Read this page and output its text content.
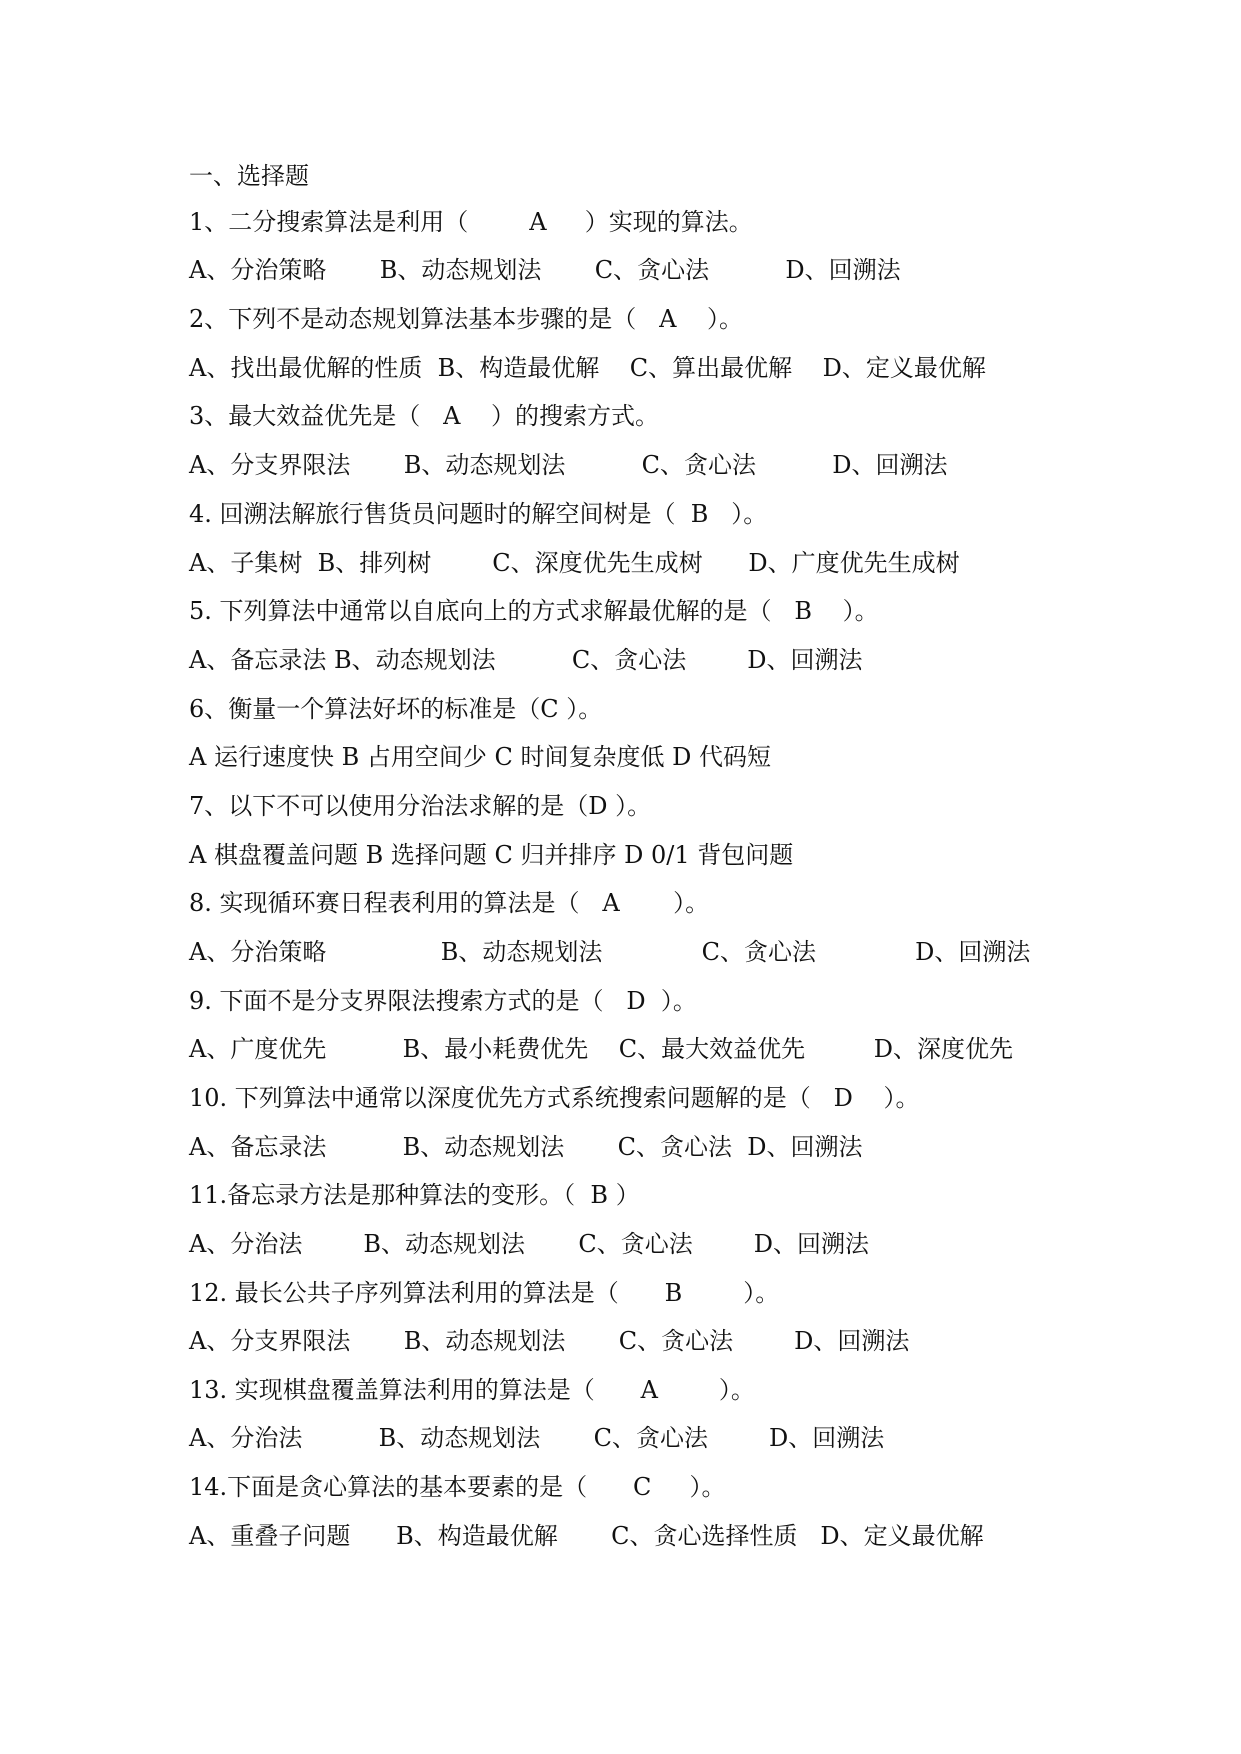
一、选择题
1、二分搜索算法是利用（        A     ）实现的算法。
A、分治策略       B、动态规划法       C、贪心法          D、回溯法
2、下列不是动态规划算法基本步骤的是（   A    ）。
A、找出最优解的性质  B、构造最优解    C、算出最优解    D、定义最优解
3、最大效益优先是（   A    ）的搜索方式。
A、分支界限法       B、动态规划法          C、贪心法          D、回溯法
4. 回溯法解旅行售货员问题时的解空间树是（  B   ）。
A、子集树  B、排列树        C、深度优先生成树      D、广度优先生成树
5. 下列算法中通常以自底向上的方式求解最优解的是（   B    ）。
A、备忘录法 B、动态规划法          C、贪心法        D、回溯法
6、衡量一个算法好坏的标准是（C ）。
A 运行速度快 B 占用空间少 C 时间复杂度低 D 代码短
7、以下不可以使用分治法求解的是（D ）。
A 棋盘覆盖问题 B 选择问题 C 归并排序 D 0/1 背包问题
8. 实现循环赛日程表利用的算法是（   A       ）。
A、分治策略               B、动态规划法             C、贪心法             D、回溯法
9. 下面不是分支界限法搜索方式的是（   D  ）。
A、广度优先          B、最小耗费优先    C、最大效益优先         D、深度优先
10. 下列算法中通常以深度优先方式系统搜索问题解的是（   D    ）。
A、备忘录法          B、动态规划法       C、贪心法  D、回溯法
11.备忘录方法是那种算法的变形。（  B ）
A、分治法        B、动态规划法       C、贪心法        D、回溯法
12. 最长公共子序列算法利用的算法是（      B        ）。
A、分支界限法       B、动态规划法       C、贪心法        D、回溯法
13. 实现棋盘覆盖算法利用的算法是（      A        ）。
A、分治法          B、动态规划法       C、贪心法        D、回溯法
14.下面是贪心算法的基本要素的是（      C     ）。
A、重叠子问题      B、构造最优解       C、贪心选择性质   D、定义最优解
